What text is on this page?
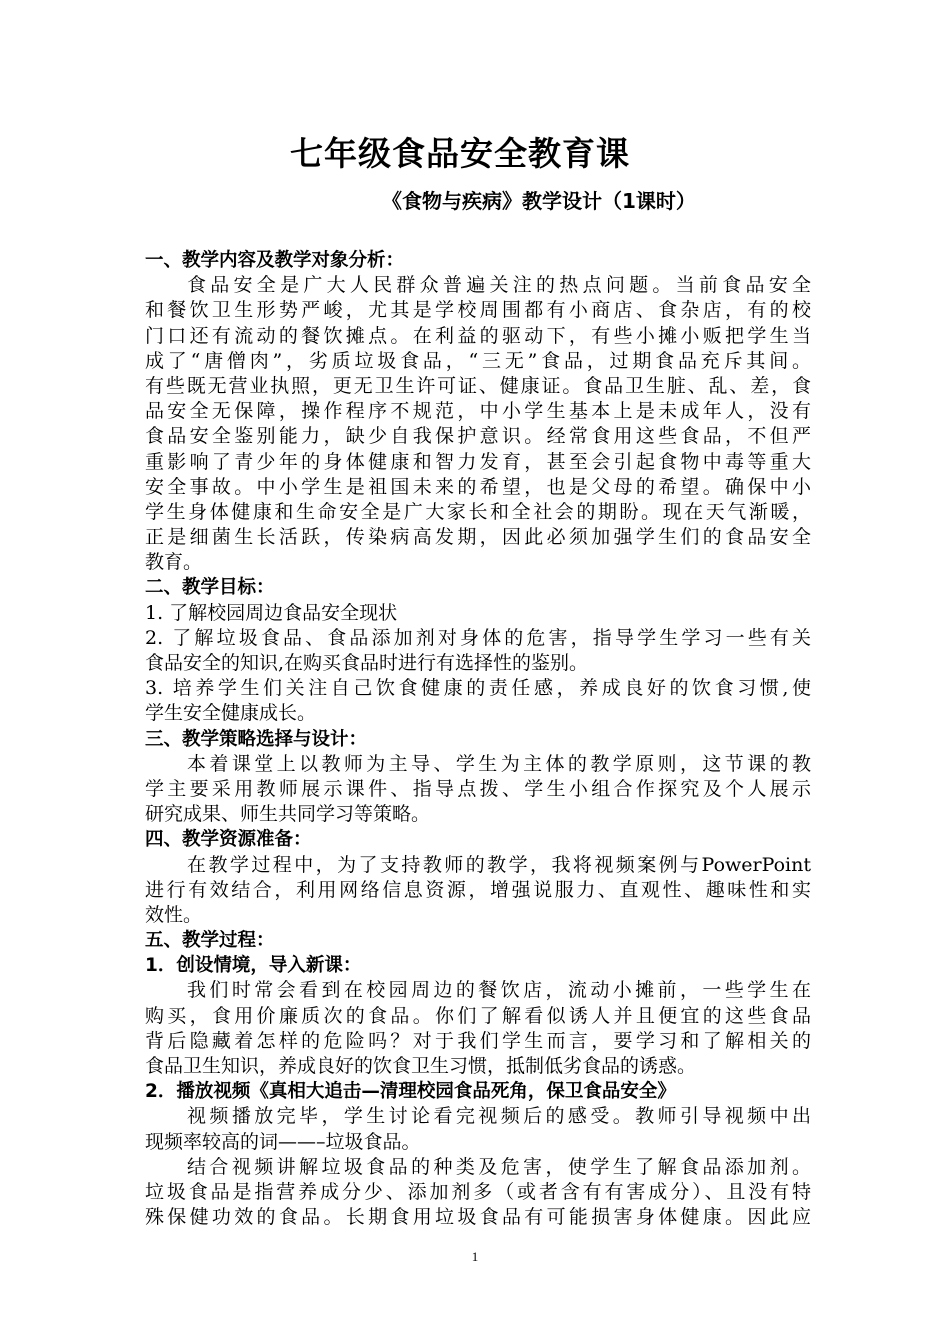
七年级食品安全教育课
《食物与疾病》教学设计（1课时）
一、教学内容及教学对象分析：
食品安全是广大人民群众普遍关注的热点问题。当前食品安全
和餐饮卫生形势严峻，尤其是学校周围都有小商店、食杂店，有的校
门口还有流动的餐饮摊点。在利益的驱动下，有些小摊小贩把学生当
成了“唐僧肉”，劣质垃圾食品，“三无”食品，过期食品充斥其间。
有些既无营业执照，更无卫生许可证、健康证。食品卫生脏、乱、差，食
品安全无保障，操作程序不规范，中小学生基本上是未成年人，没有
食品安全鉴别能力，缺少自我保护意识。经常食用这些食品，不但严
重影响了青少年的身体健康和智力发育，甚至会引起食物中毒等重大
安全事故。中小学生是祖国未来的希望，也是父母的希望。确保中小
学生身体健康和生命安全是广大家长和全社会的期盼。现在天气渐暖，
正是细菌生长活跃，传染病高发期，因此必须加强学生们的食品安全
教育。
二、教学目标：
1. 了解校园周边食品安全现状
2. 了解垃圾食品、食品添加剂对身体的危害，指导学生学习一些有关
食品安全的知识,在购买食品时进行有选择性的鉴别。
3. 培养学生们关注自己饮食健康的责任感，养成良好的饮食习惯,使
学生安全健康成长。
三、教学策略选择与设计：
本着课堂上以教师为主导、学生为主体的教学原则，这节课的教
学主要采用教师展示课件、指导点拨、学生小组合作探究及个人展示
研究成果、师生共同学习等策略。
四、教学资源准备：
在教学过程中，为了支持教师的教学，我将视频案例与PowerPoint
进行有效结合，利用网络信息资源，增强说服力、直观性、趣味性和实
效性。
五、教学过程：
1．创设情境，导入新课：
我们时常会看到在校园周边的餐饮店，流动小摊前，一些学生在
购买，食用价廉质次的食品。你们了解看似诱人并且便宜的这些食品
背后隐藏着怎样的危险吗？对于我们学生而言，要学习和了解相关的
食品卫生知识，养成良好的饮食卫生习惯，抵制低劣食品的诱惑。
2．播放视频《真相大追击—清理校园食品死角，保卫食品安全》
视频播放完毕，学生讨论看完视频后的感受。教师引导视频中出
现频率较高的词——–垃圾食品。
结合视频讲解垃圾食品的种类及危害，使学生了解食品添加剂。
垃圾食品是指营养成分少、添加剂多（或者含有有害成分）、且没有特
殊保健功效的食品。长期食用垃圾食品有可能损害身体健康。因此应
1
